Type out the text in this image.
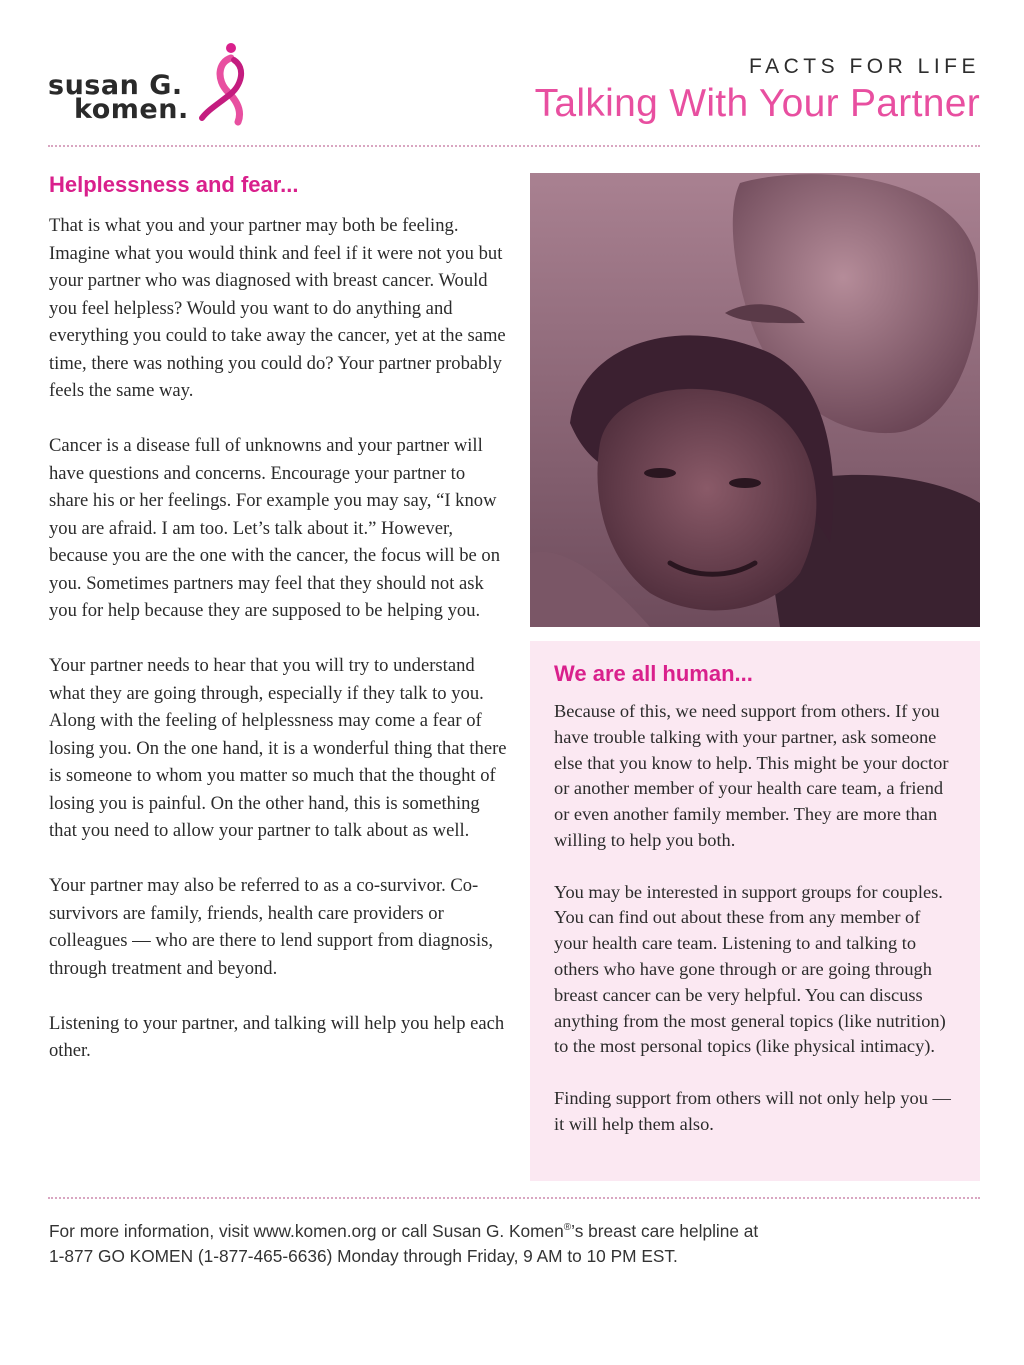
susan G.
komen.
FACTS FOR LIFE
Talking With Your Partner
Helplessness and fear...

That is what you and your partner may both be feeling. Imagine what you would think and feel if it were not you but your partner who was diagnosed with breast cancer. Would you feel helpless? Would you want to do anything and everything you could to take away the cancer, yet at the same time, there was nothing you could do? Your partner probably feels the same way.

Cancer is a disease full of unknowns and your partner will have questions and concerns. Encourage your partner to share his or her feelings. For example you may say, “I know you are afraid. I am too. Let’s talk about it.” However, because you are the one with the cancer, the focus will be on you. Sometimes partners may feel that they should not ask you for help because they are supposed to be helping you.

Your partner needs to hear that you will try to understand what they are going through, especially if they talk to you. Along with the feeling of helplessness may come a fear of losing you. On the one hand, it is a wonderful thing that there is someone to whom you matter so much that the thought of losing you is painful. On the other hand, this is something that you need to allow your partner to talk about as well.

Your partner may also be referred to as a co-survivor. Co-survivors are family, friends, health care providers or colleagues — who are there to lend support from diagnosis, through treatment and beyond.

Listening to your partner, and talking will help you help each other.

We are all human...

Because of this, we need support from others. If you have trouble talking with your partner, ask someone else that you know to help. This might be your doctor or another member of your health care team, a friend or even another family member. They are more than willing to help you both.

You may be interested in support groups for couples. You can find out about these from any member of your health care team. Listening to and talking to others who have gone through or are going through breast cancer can be very helpful. You can discuss anything from the most general topics (like nutrition) to the most personal topics (like physical intimacy).

Finding support from others will not only help you — it will help them also.

For more information, visit www.komen.org or call Susan G. Komen®’s breast care helpline at

1-877 GO KOMEN (1-877-465-6636) Monday through Friday, 9 AM to 10 PM EST.
